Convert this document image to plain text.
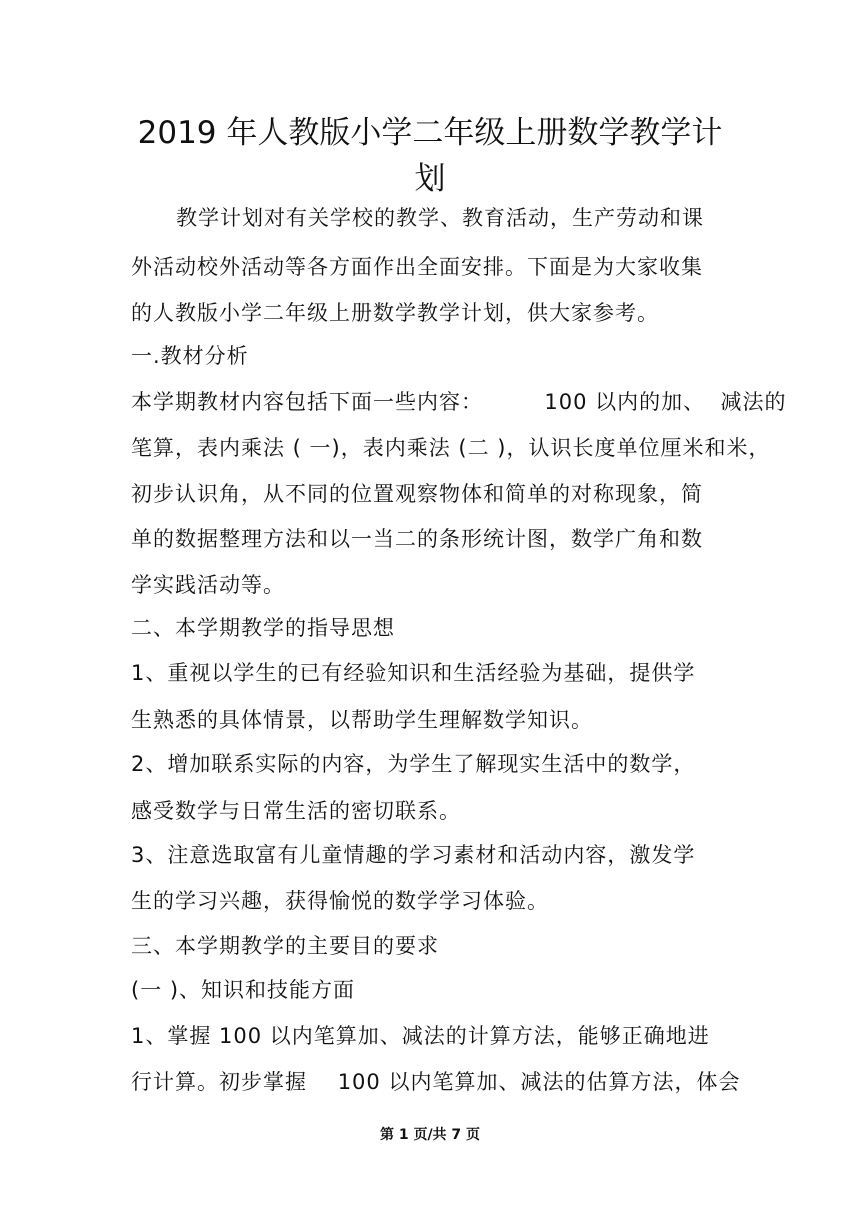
2019 年人教版小学二年级上册数学教学计
划
教学计划对有关学校的教学、教育活动，生产劳动和课
外活动校外活动等各方面作出全面安排。下面是为大家收集
的人教版小学二年级上册数学教学计划，供大家参考。
一.教材分析
本学期教材内容包括下面一些内容：        100 以内的加、  减法的
笔算，表内乘法 ( 一)，表内乘法 (二 )，认识长度单位厘米和米，
初步认识角，从不同的位置观察物体和简单的对称现象，简
单的数据整理方法和以一当二的条形统计图，数学广角和数
学实践活动等。
二、本学期教学的指导思想
1、重视以学生的已有经验知识和生活经验为基础，提供学
生熟悉的具体情景，以帮助学生理解数学知识。
2、增加联系实际的内容，为学生了解现实生活中的数学，
感受数学与日常生活的密切联系。
3、注意选取富有儿童情趣的学习素材和活动内容，激发学
生的学习兴趣，获得愉悦的数学学习体验。
三、本学期教学的主要目的要求
(一 )、知识和技能方面
1、掌握 100 以内笔算加、减法的计算方法，能够正确地进
行计算。初步掌握    100 以内笔算加、减法的估算方法，体会
第 1 页/共 7 页
